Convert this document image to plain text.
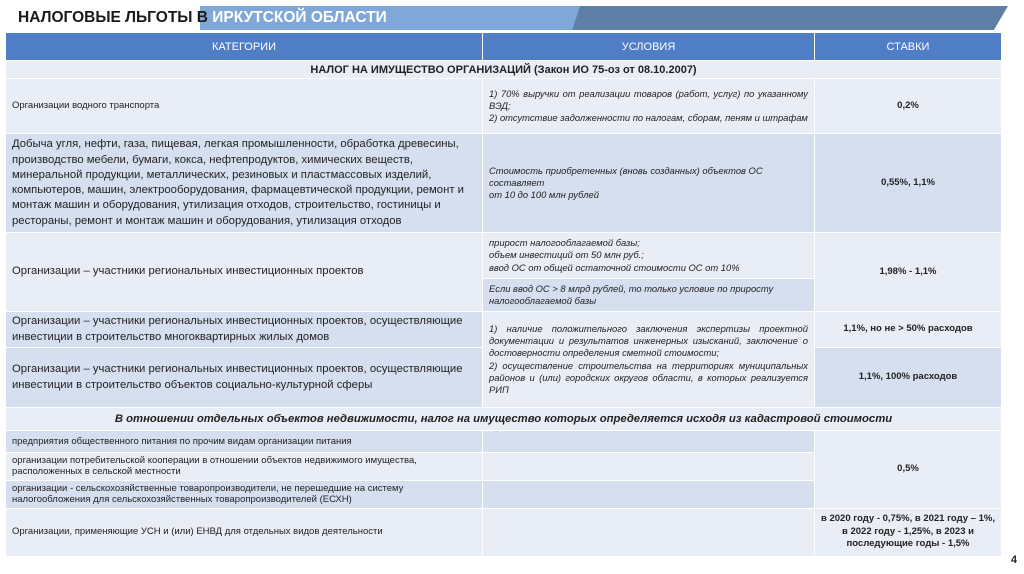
НАЛОГОВЫЕ ЛЬГОТЫ В ИРКУТСКОЙ ОБЛАСТИ
КАТЕГОРИИ	УСЛОВИЯ	СТАВКИ
НАЛОГ НА ИМУЩЕСТВО ОРГАНИЗАЦИЙ (Закон ИО 75-оз от 08.10.2007)		
Организации водного транспорта	1) 70% выручки от реализации товаров (работ, услуг) по указанному ВЭД;
2) отсутствие задолженности по налогам, сборам, пеням и штрафам	0,2%
Добыча угля, нефти, газа, пищевая, легкая промышленности, обработка древесины, производство мебели, бумаги, кокса, нефтепродуктов, химических веществ, минеральной продукции, металлических, резиновых и пластмассовых изделий, компьютеров, машин, электрооборудования, фармацевтической продукции, ремонт и монтаж машин и оборудования, утилизация отходов, строительство, гостиницы и рестораны, ремонт и монтаж машин и оборудования, утилизация отходов	Стоимость приобретенных (вновь созданных) объектов ОС составляет
от 10 до 100 млн рублей	0,55%, 1,1%
Организации – участники региональных инвестиционных проектов	прирост налогооблагаемой базы;
объем инвестиций от 50 млн руб.;
ввод ОС от общей остаточной стоимости ОС от 10%	1,98% - 1,1%
	Если ввод ОС > 8 млрд рублей, то только условие по приросту налогооблагаемой базы	
Организации – участники региональных инвестиционных проектов, осуществляющие инвестиции в строительство многоквартирных жилых домов	1) наличие положительного заключения экспертизы проектной документации и результатов инженерных изысканий, заключение о достоверности определения сметной стоимости;
2) осуществление строительства на территориях муниципальных районов и (или) городских округов области, в которых реализуется РИП	1,1%, но не > 50% расходов
Организации – участники региональных инвестиционных проектов, осуществляющие инвестиции в строительство объектов социально-культурной сферы		1,1%, 100% расходов
В отношении отдельных объектов недвижимости, налог на имущество которых определяется исходя из кадастровой стоимости		
предприятия общественного питания по прочим видам организации питания		0,5%
организации потребительской кооперации в отношении объектов недвижимого имущества, расположенных в сельской местности		
организации - сельскохозяйственные товаропроизводители, не перешедшие на систему налогообложения для сельскохозяйственных товаропроизводителей (ЕСХН)		
Организации, применяющие УСН и (или) ЕНВД для отдельных видов деятельности		в 2020 году - 0,75%, в 2021 году – 1%, в 2022 году - 1,25%, в 2023 и последующие годы - 1,5%
4
